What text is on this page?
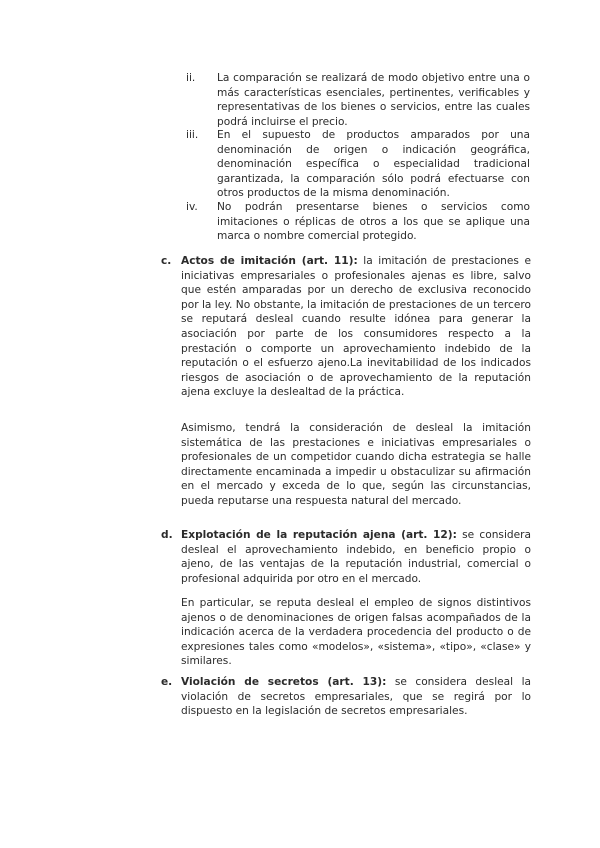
ii.	La comparación se realizará de modo objetivo entre una o más características esenciales, pertinentes, verificables y representativas de los bienes o servicios, entre las cuales podrá incluirse el precio.
iii.	En el supuesto de productos amparados por una denominación de origen o indicación geográfica, denominación específica o especialidad tradicional garantizada, la comparación sólo podrá efectuarse con otros productos de la misma denominación.
iv.	No podrán presentarse bienes o servicios como imitaciones o réplicas de otros a los que se aplique una marca o nombre comercial protegido.
c. Actos de imitación (art. 11): la imitación de prestaciones e iniciativas empresariales o profesionales ajenas es libre, salvo que estén amparadas por un derecho de exclusiva reconocido por la ley. No obstante, la imitación de prestaciones de un tercero se reputará desleal cuando resulte idónea para generar la asociación por parte de los consumidores respecto a la prestación o comporte un aprovechamiento indebido de la reputación o el esfuerzo ajeno.La inevitabilidad de los indicados riesgos de asociación o de aprovechamiento de la reputación ajena excluye la deslealtad de la práctica.
Asimismo, tendrá la consideración de desleal la imitación sistemática de las prestaciones e iniciativas empresariales o profesionales de un competidor cuando dicha estrategia se halle directamente encaminada a impedir u obstaculizar su afirmación en el mercado y exceda de lo que, según las circunstancias, pueda reputarse una respuesta natural del mercado.
d. Explotación de la reputación ajena (art. 12): se considera desleal el aprovechamiento indebido, en beneficio propio o ajeno, de las ventajas de la reputación industrial, comercial o profesional adquirida por otro en el mercado.
En particular, se reputa desleal el empleo de signos distintivos ajenos o de denominaciones de origen falsas acompañados de la indicación acerca de la verdadera procedencia del producto o de expresiones tales como «modelos», «sistema», «tipo», «clase» y similares.
e. Violación de secretos (art. 13): se considera desleal la violación de secretos empresariales, que se regirá por lo dispuesto en la legislación de secretos empresariales.
